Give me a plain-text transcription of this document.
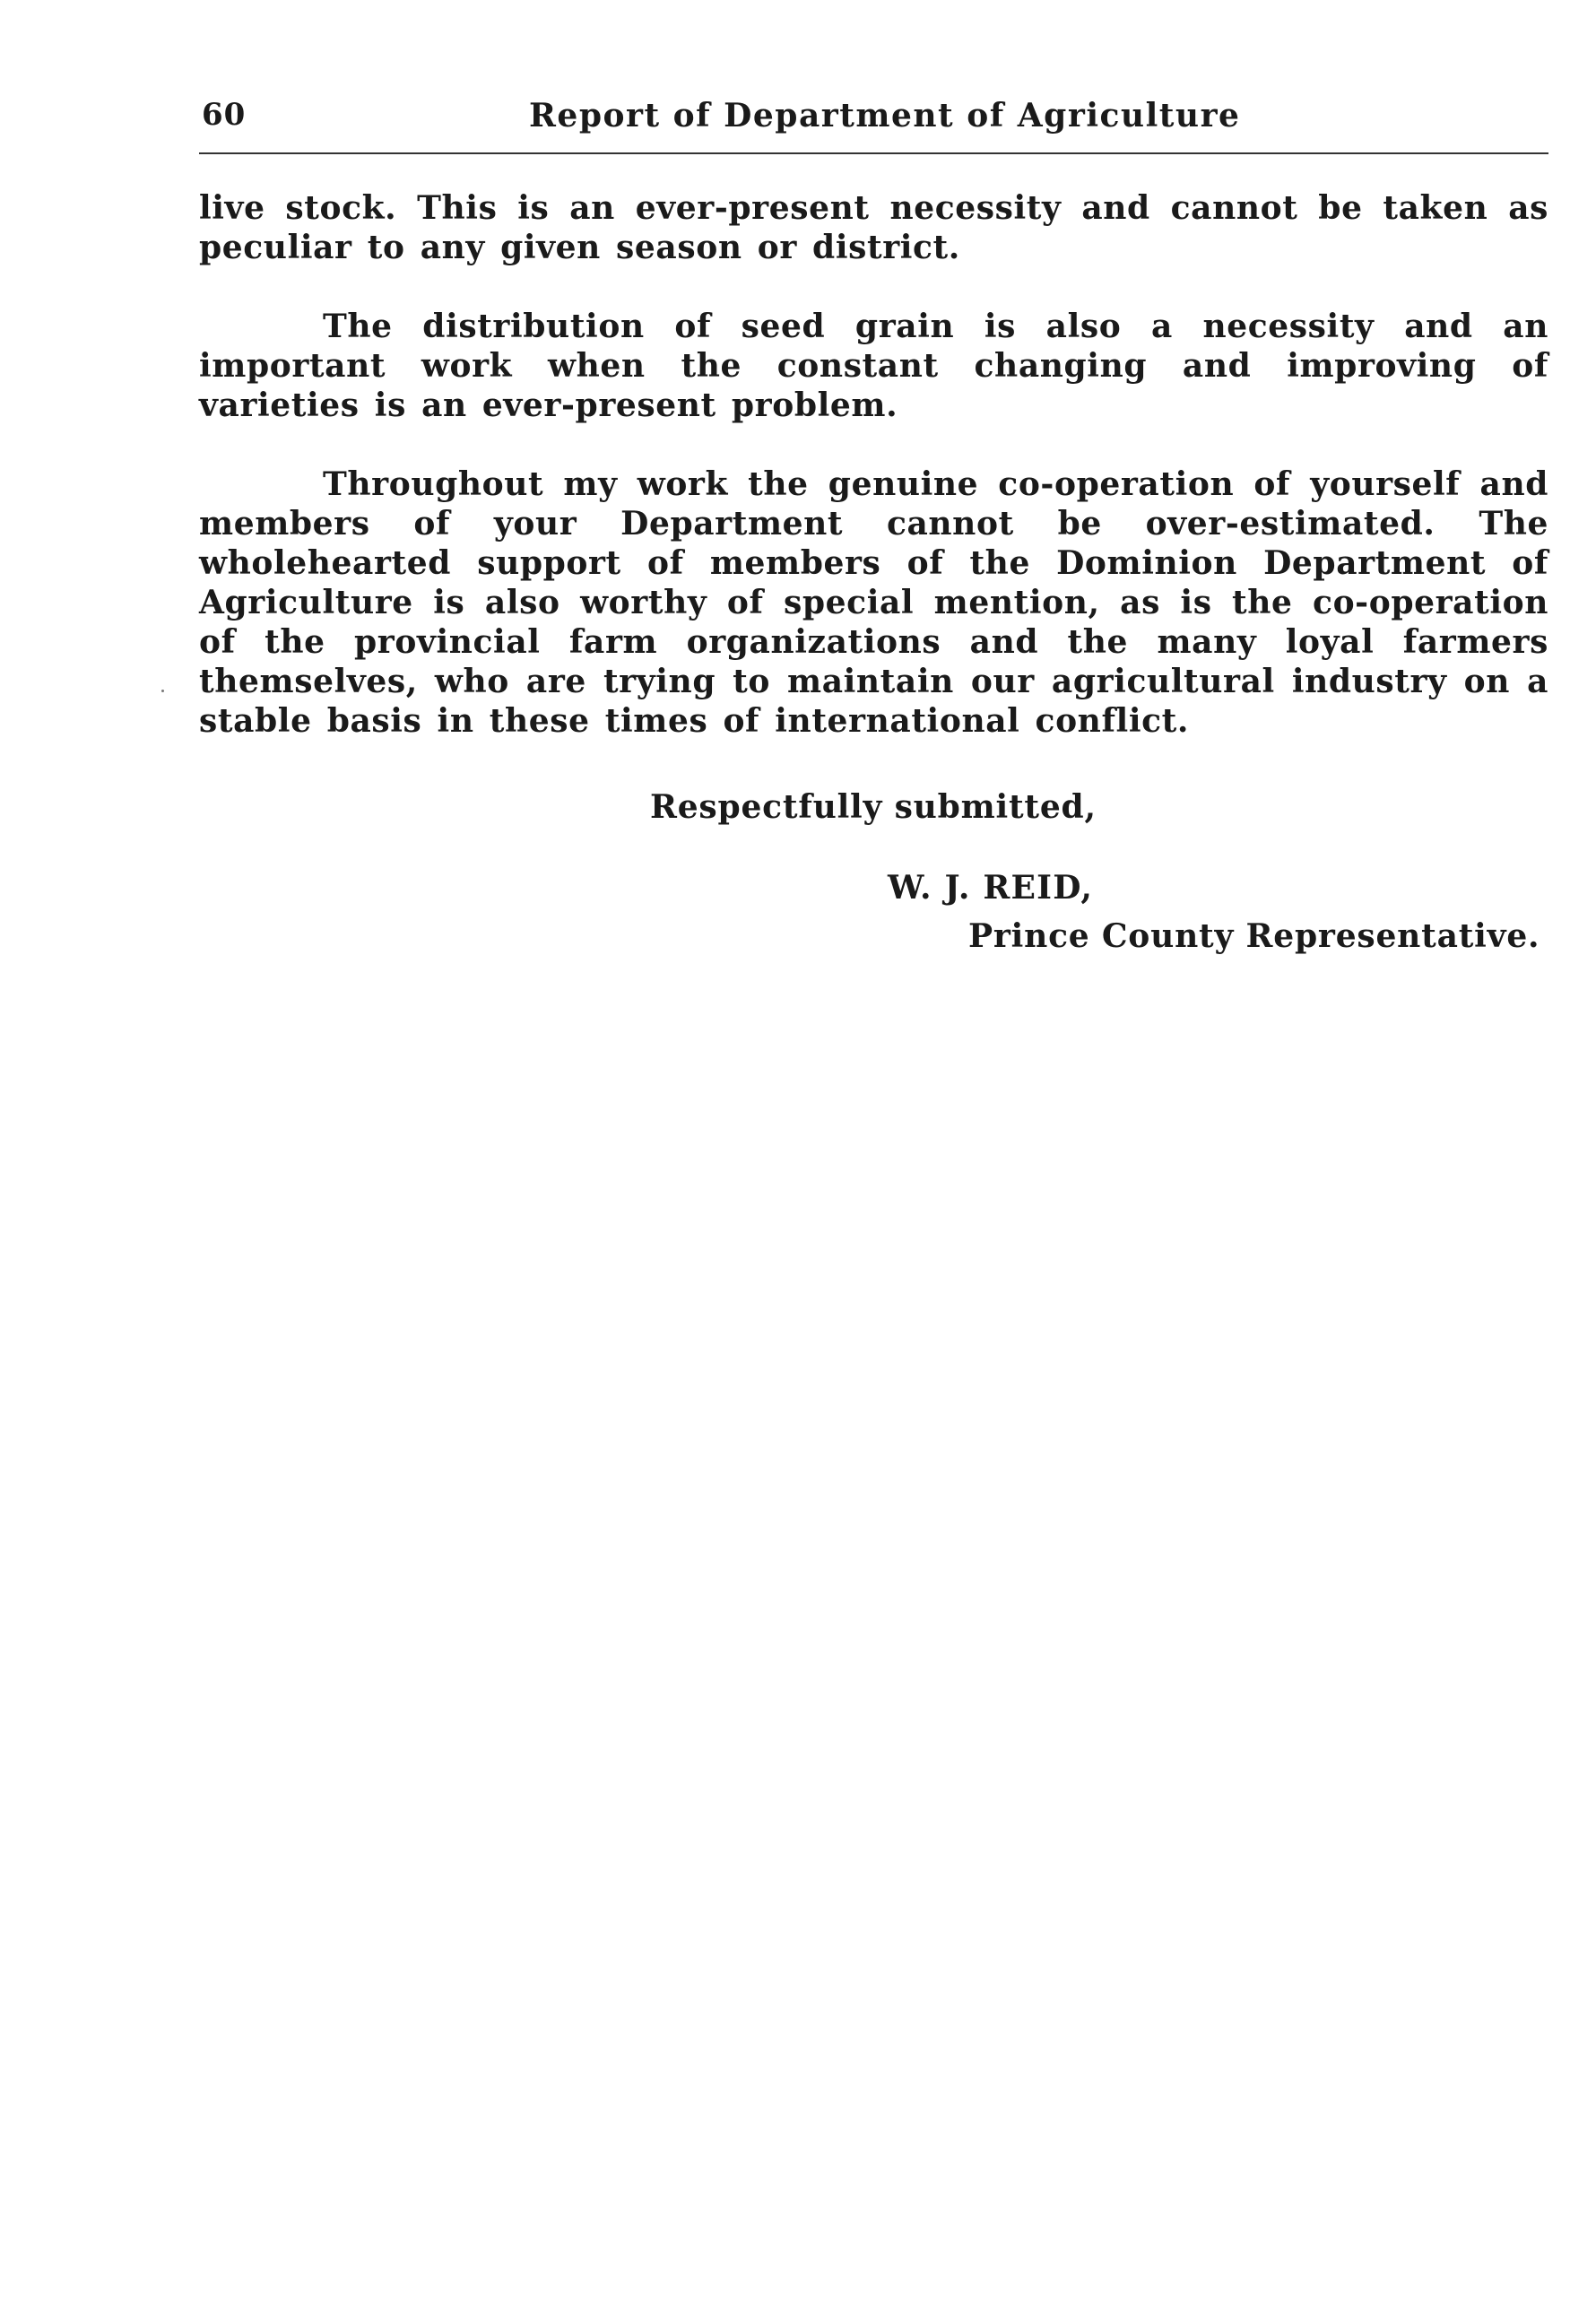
60	Report of Department of Agriculture

live stock. This is an ever-present necessity and cannot be taken as peculiar to any given season or district.

The distribution of seed grain is also a necessity and an important work when the constant changing and improving of varieties is an ever-present problem.

Throughout my work the genuine co-operation of yourself and members of your Department cannot be over-estimated. The wholehearted support of members of the Dominion Department of Agriculture is also worthy of special mention, as is the co-operation of the provincial farm organizations and the many loyal farmers themselves, who are trying to maintain our agricultural industry on a stable basis in these times of international conflict.

Respectfully submitted,
W. J. REID,
Prince County Representative.
